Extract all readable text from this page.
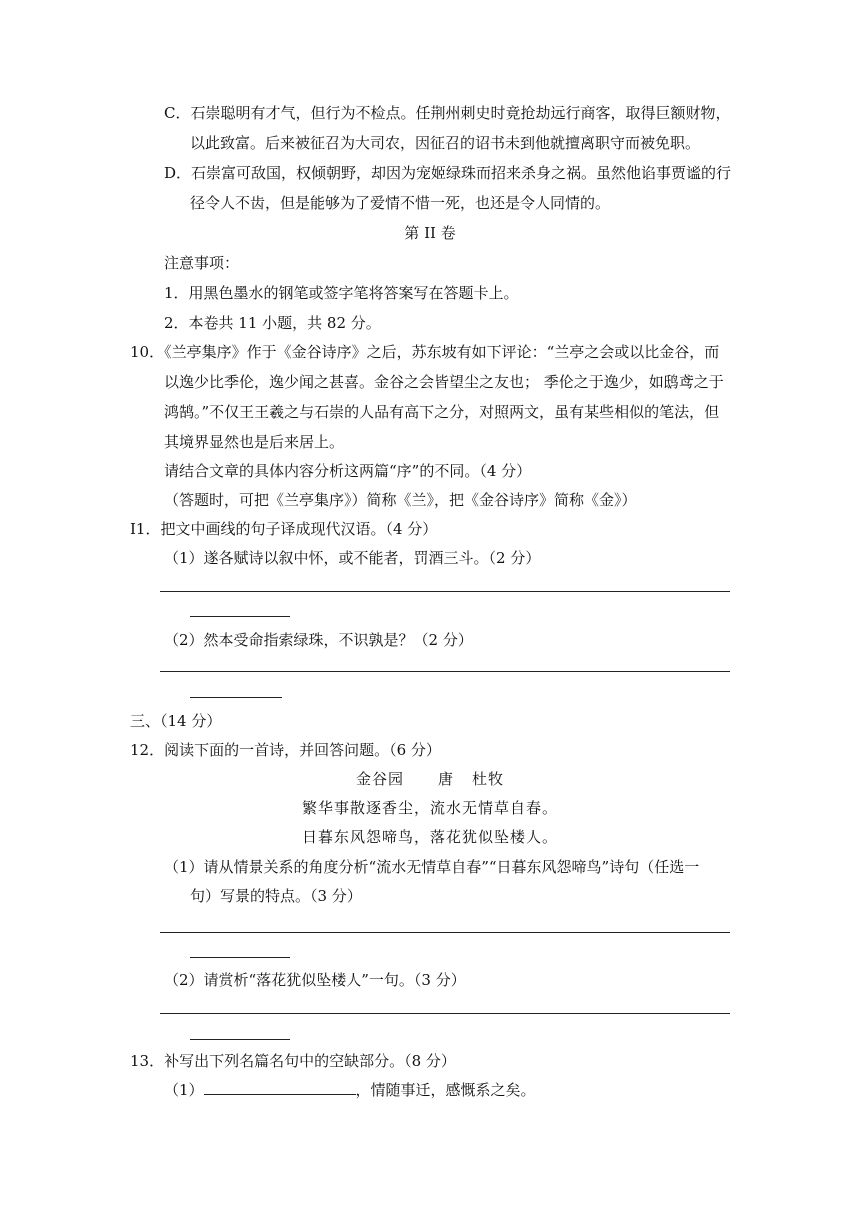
C．石崇聪明有才气，但行为不检点。任荆州刺史时竟抢劫远行商客，取得巨额财物，
以此致富。后来被征召为大司农，因征召的诏书未到他就擅离职守而被免职。
D．石崇富可敌国，权倾朝野，却因为宠姬绿珠而招来杀身之祸。虽然他谄事贾谧的行
径令人不齿，但是能够为了爱情不惜一死，也还是令人同情的。
第 II 卷
注意事项：
1．用黑色墨水的钢笔或签字笔将答案写在答题卡上。
2．本卷共 11 小题，共 82 分。
10．《兰亭集序》作于《金谷诗序》之后，苏东坡有如下评论：“兰亭之会或以比金谷，而
以逸少比季伦，逸少闻之甚喜。金谷之会皆望尘之友也； 季伦之于逸少，如鸱鸢之于
鸿鹄。”不仅王王羲之与石崇的人品有高下之分，对照两文，虽有某些相似的笔法，但
其境界显然也是后来居上。
请结合文章的具体内容分析这两篇“序”的不同。（4 分）
（答题时，可把《兰亭集序》）简称《兰》，把《金谷诗序》简称《金》）
I1．把文中画线的句子译成现代汉语。（4 分）
（1）遂各赋诗以叙中怀，或不能者，罚酒三斗。（2 分）
（2）然本受命指索绿珠，不识孰是？（2 分）
三、（14 分）
12．阅读下面的一首诗，并回答问题。（6 分）
金谷园 唐 杜牧
繁华事散逐香尘，流水无情草自春。
日暮东风怨啼鸟，落花犹似坠楼人。
（1）请从情景关系的角度分析“流水无情草自春”“日暮东风怨啼鸟”诗句（任选一
句）写景的特点。（3 分）
（2）请赏析“落花犹似坠楼人”一句。（3 分）
13．补写出下列名篇名句中的空缺部分。（8 分）
（1）	，情随事迁，感慨系之矣。
